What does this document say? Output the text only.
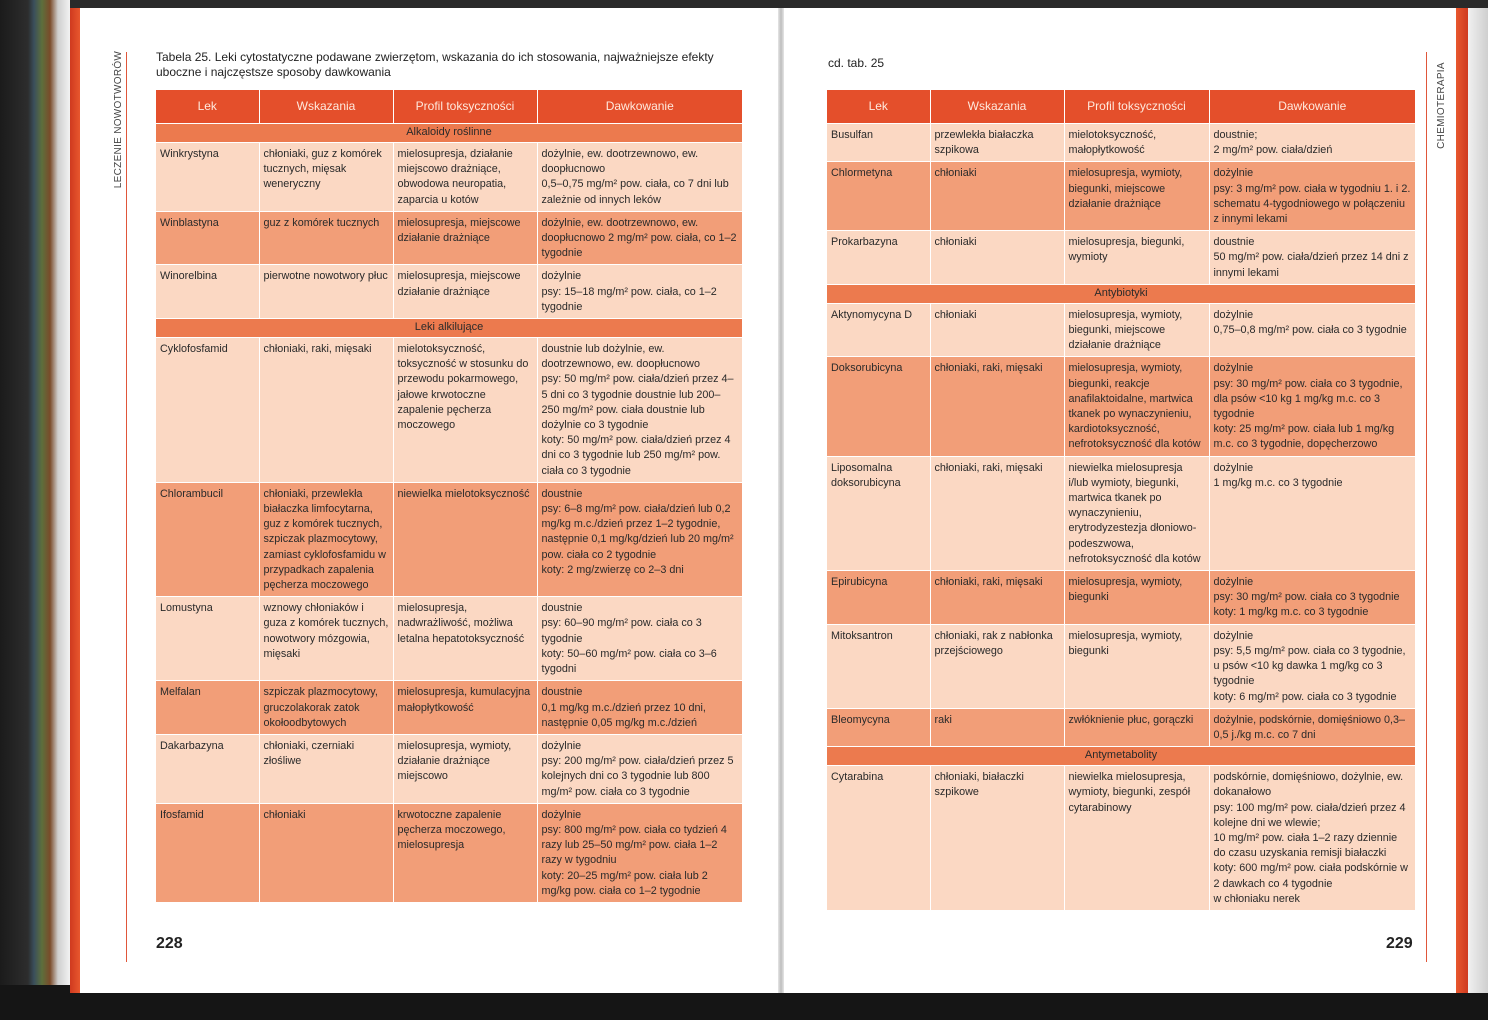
LECZENIE NOWOTWORÓW	Tabela 25. Leki cytostatyczne podawane zwierzętom, wskazania do ich stosowania, najważniejsze efekty uboczne i najczęstsze sposoby dawkowania
Lek	Wskazania	Profil toksyczności	Dawkowanie
Alkaloidy roślinne			
Winkrystyna	chłoniaki, guz z komórek tucznych, mięsak weneryczny	mielosupresja, działanie miejscowo drażniące, obwodowa neuropatia, zaparcia u kotów	dożylnie, ew. dootrzewnowo, ew. doopłucnowo
0,5–0,75 mg/m² pow. ciała, co 7 dni lub zależnie od innych leków
Winblastyna	guz z komórek tucznych	mielosupresja, miejscowe działanie drażniące	dożylnie, ew. dootrzewnowo, ew. doopłucnowo 2 mg/m² pow. ciała, co 1–2 tygodnie
Winorelbina	pierwotne nowotwory płuc	mielosupresja, miejscowe działanie drażniące	dożylnie
psy: 15–18 mg/m² pow. ciała, co 1–2 tygodnie
Leki alkilujące			
Cyklofosfamid	chłoniaki, raki, mięsaki	mielotoksyczność, toksyczność w stosunku do przewodu pokarmowego, jałowe krwotoczne zapalenie pęcherza moczowego	doustnie lub dożylnie, ew. dootrzewnowo, ew. doopłucnowo
psy: 50 mg/m² pow. ciała/dzień przez 4–5 dni co 3 tygodnie doustnie lub 200–250 mg/m² pow. ciała doustnie lub dożylnie co 3 tygodnie
koty: 50 mg/m² pow. ciała/dzień przez 4 dni co 3 tygodnie lub 250 mg/m² pow. ciała co 3 tygodnie
Chlorambucil	chłoniaki, przewlekła białaczka limfocytarna, guz z komórek tucznych, szpiczak plazmocytowy, zamiast cyklofosfamidu w przypadkach zapalenia pęcherza moczowego	niewielka mielotoksyczność	doustnie
psy: 6–8 mg/m² pow. ciała/dzień lub 0,2 mg/kg m.c./dzień przez 1–2 tygodnie, następnie 0,1 mg/kg/dzień lub 20 mg/m² pow. ciała co 2 tygodnie
koty: 2 mg/zwierzę co 2–3 dni
Lomustyna	wznowy chłoniaków i guza z komórek tucznych, nowotwory mózgowia, mięsaki	mielosupresja, nadwrażliwość, możliwa letalna hepatotoksyczność	doustnie
psy: 60–90 mg/m² pow. ciała co 3 tygodnie
koty: 50–60 mg/m² pow. ciała co 3–6 tygodni
Melfalan	szpiczak plazmocytowy, gruczolakorak zatok okołoodbytowych	mielosupresja, kumulacyjna małopłytkowość	doustnie
0,1 mg/kg m.c./dzień przez 10 dni, następnie 0,05 mg/kg m.c./dzień
Dakarbazyna	chłoniaki, czerniaki złośliwe	mielosupresja, wymioty, działanie drażniące miejscowo	dożylnie
psy: 200 mg/m² pow. ciała/dzień przez 5 kolejnych dni co 3 tygodnie lub 800 mg/m² pow. ciała co 3 tygodnie
Ifosfamid	chłoniaki	krwotoczne zapalenie pęcherza moczowego, mielosupresja	dożylnie
psy: 800 mg/m² pow. ciała co tydzień 4 razy lub 25–50 mg/m² pow. ciała 1–2 razy w tygodniu
koty: 20–25 mg/m² pow. ciała lub 2 mg/kg pow. ciała co 1–2 tygodnie
228
CHEMIOTERAPIA
cd. tab. 25
Lek	Wskazania	Profil toksyczności	Dawkowanie
Busulfan	przewlekła białaczka szpikowa	mielotoksyczność, małopłytkowość	doustnie;
2 mg/m² pow. ciała/dzień
Chlormetyna	chłoniaki	mielosupresja, wymioty, biegunki, miejscowe działanie drażniące	dożylnie
psy: 3 mg/m² pow. ciała w tygodniu 1. i 2. schematu 4-tygodniowego w połączeniu z innymi lekami
Prokarbazyna	chłoniaki	mielosupresja, biegunki, wymioty	doustnie
50 mg/m² pow. ciała/dzień przez 14 dni z innymi lekami
Antybiotyki			
Aktynomycyna D	chłoniaki	mielosupresja, wymioty, biegunki, miejscowe działanie drażniące	dożylnie
0,75–0,8 mg/m² pow. ciała co 3 tygodnie
Doksorubicyna	chłoniaki, raki, mięsaki	mielosupresja, wymioty, biegunki, reakcje anafilaktoidalne, martwica tkanek po wynaczynieniu, kardiotoksyczność, nefrotoksyczność dla kotów	dożylnie
psy: 30 mg/m² pow. ciała co 3 tygodnie, dla psów <10 kg 1 mg/kg m.c. co 3 tygodnie
koty: 25 mg/m² pow. ciała lub 1 mg/kg m.c. co 3 tygodnie, dopęcherzowo
Liposomalna doksorubicyna	chłoniaki, raki, mięsaki	niewielka mielosupresja i/lub wymioty, biegunki, martwica tkanek po wynaczynieniu, erytrodyzestezja dłoniowo-podeszwowa, nefrotoksyczność dla kotów	dożylnie
1 mg/kg m.c. co 3 tygodnie
Epirubicyna	chłoniaki, raki, mięsaki	mielosupresja, wymioty, biegunki	dożylnie
psy: 30 mg/m² pow. ciała co 3 tygodnie
koty: 1 mg/kg m.c. co 3 tygodnie
Mitoksantron	chłoniaki, rak z nabłonka przejściowego	mielosupresja, wymioty, biegunki	dożylnie
psy: 5,5 mg/m² pow. ciała co 3 tygodnie, u psów <10 kg dawka 1 mg/kg co 3 tygodnie
koty: 6 mg/m² pow. ciała co 3 tygodnie
Bleomycyna	raki	zwłóknienie płuc, gorączki	dożylnie, podskórnie, domięśniowo 0,3–0,5 j./kg m.c. co 7 dni
Antymetabolity			
Cytarabina	chłoniaki, białaczki szpikowe	niewielka mielosupresja, wymioty, biegunki, zespół cytarabinowy	podskórnie, domięśniowo, dożylnie, ew. dokanałowo
psy: 100 mg/m² pow. ciała/dzień przez 4 kolejne dni we wlewie;
10 mg/m² pow. ciała 1–2 razy dziennie do czasu uzyskania remisji białaczki
koty: 600 mg/m² pow. ciała podskórnie w 2 dawkach co 4 tygodnie
w chłoniaku nerek
229
